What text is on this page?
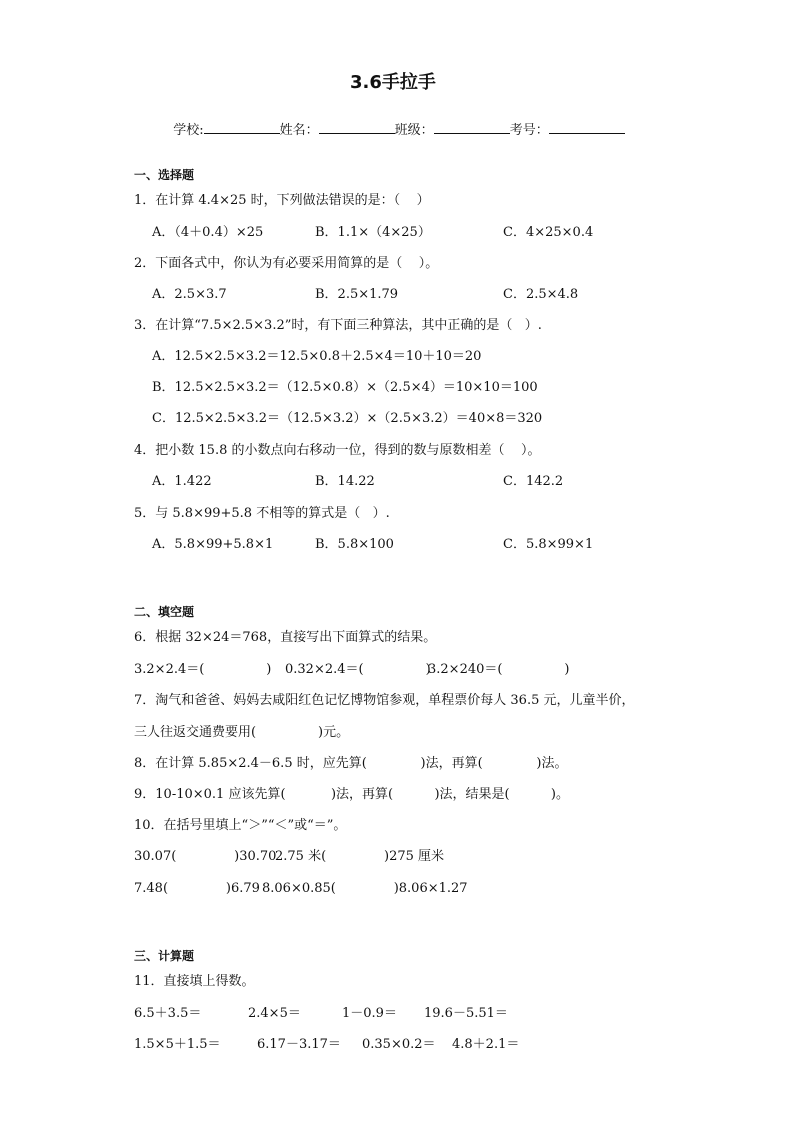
3.6手拉手

学校:	姓名：	班级：	考号：

一、选择题
1．在计算 4.4×25 时，下列做法错误的是：（    ）
A．（4＋0.4）×25	B．1.1×（4×25）	C．4×25×0.4
2．下面各式中，你认为有必要采用简算的是（    ）。
A．2.5×3.7	B．2.5×1.79	C．2.5×4.8
3．在计算“7.5×2.5×3.2”时，有下面三种算法，其中正确的是（   ）.
A．12.5×2.5×3.2＝12.5×0.8＋2.5×4＝10＋10＝20
B．12.5×2.5×3.2＝（12.5×0.8）×（2.5×4）＝10×10＝100
C．12.5×2.5×3.2＝（12.5×3.2）×（2.5×3.2）＝40×8＝320
4．把小数 15.8 的小数点向右移动一位，得到的数与原数相差（    ）。
A．1.422	B．14.22	C．142.2
5．与 5.8×99+5.8 不相等的算式是（   ）.
A．5.8×99+5.8×1	B．5.8×100	C．5.8×99×1
二、填空题
6．根据 32×24＝768，直接写出下面算式的结果。
3.2×2.4＝(               ) 0.32×2.4＝(               )
3.2×240＝(               )
7．淘气和爸爸、妈妈去咸阳红色记忆博物馆参观，单程票价每人 36.5 元，儿童半价，
三人往返交通费要用(               )元。
8．在计算 5.85×2.4－6.5 时，应先算(             )法，再算(             )法。
9．10-10×0.1 应该先算(           )法，再算(          )法，结果是(          )。
10．在括号里填上“＞”“＜”或“＝”。
30.07(              )30.70
2.75 米(              )275 厘米
7.48(              )6.79 8.06×0.85(              )8.06×1.27
三、计算题
11．直接填上得数。
6.5＋3.5＝	2.4×5＝	1－0.9＝ 19.6－5.51＝
1.5×5＋1.5＝	6.17－3.17＝ 0.35×0.2＝ 4.8＋2.1＝
